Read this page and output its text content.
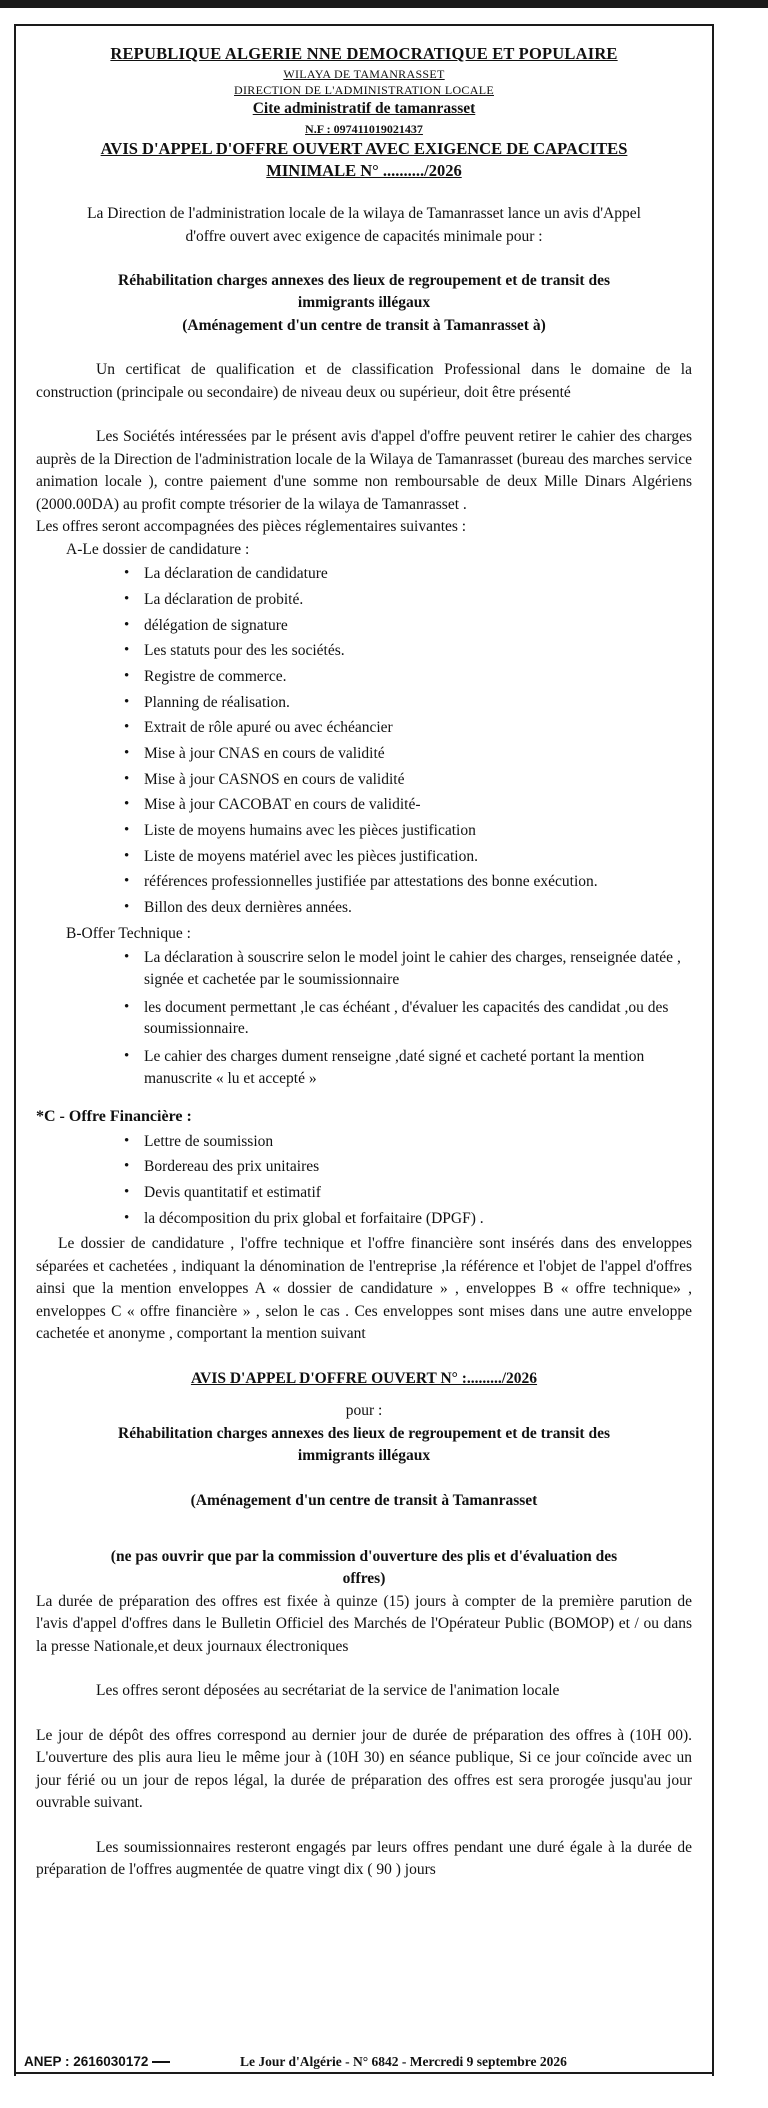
REPUBLIQUE ALGERIE NNE DEMOCRATIQUE ET POPULAIRE
WILAYA DE TAMANRASSET
DIRECTION DE L'ADMINISTRATION LOCALE
Cite administratif de tamanrasset
N.F : 097411019021437
AVIS D'APPEL D'OFFRE OUVERT AVEC EXIGENCE DE CAPACITES
MINIMALE N° ........../2026

La Direction de l'administration locale de la wilaya de Tamanrasset lance un avis d'Appel d'offre ouvert avec exigence de capacités minimale pour :

Réhabilitation charges annexes des lieux de regroupement et de transit des
immigrants illégaux
(Aménagement d'un centre de transit à Tamanrasset à)

Un certificat de qualification et de classification Professional dans le domaine de la construction (principale ou secondaire) de niveau deux ou supérieur, doit être présenté

Les Sociétés intéressées par le présent avis d'appel d'offre peuvent retirer le cahier des charges auprès de la Direction de l'administration locale de la Wilaya de Tamanrasset (bureau des marches service animation locale ), contre paiement d'une somme non remboursable de deux Mille Dinars Algériens (2000.00DA) au profit compte trésorier de la wilaya de Tamanrasset .

Les offres seront accompagnées des pièces réglementaires suivantes :

A-Le dossier de candidature :

• La déclaration de candidature
• La déclaration de probité.
• délégation de signature
• Les statuts pour des les sociétés.
• Registre de commerce.
• Planning de réalisation.
• Extrait de rôle apuré ou avec échéancier
• Mise à jour CNAS en cours de validité
• Mise à jour CASNOS en cours de validité
• Mise à jour CACOBAT en cours de validité-
• Liste de moyens humains avec les pièces justification
• Liste de moyens matériel avec les pièces justification.
• références professionnelles justifiée par attestations des bonne exécution.
• Billon des deux dernières années.

B-Offer Technique :

• La déclaration à souscrire selon le model joint le cahier des charges, renseignée datée , signée et cachetée par le soumissionnaire
• les document permettant ,le cas échéant , d'évaluer les capacités des candidat ,ou des soumissionnaire.
• Le cahier des charges dument renseigne ,daté signé et cacheté portant la mention manuscrite « lu et accepté »

*C - Offre Financière :

• Lettre de soumission
• Bordereau des prix unitaires
• Devis quantitatif et estimatif
• la décomposition du prix global et forfaitaire (DPGF) .

Le dossier de candidature , l'offre technique et l'offre financière sont insérés dans des enveloppes séparées et cachetées , indiquant la dénomination de l'entreprise ,la référence et l'objet de l'appel d'offres ainsi que la mention enveloppes A « dossier de candidature » , enveloppes B « offre technique» , enveloppes C « offre financière » , selon le cas . Ces enveloppes sont mises dans une autre enveloppe cachetée et anonyme , comportant la mention suivant

AVIS D'APPEL D'OFFRE OUVERT N° :........./2026
pour :
Réhabilitation charges annexes des lieux de regroupement et de transit des
immigrants illégaux
(Aménagement d'un centre de transit à Tamanrasset
(ne pas ouvrir que par la commission d'ouverture des plis et d'évaluation des
offres)

La durée de préparation des offres est fixée à quinze (15) jours à compter de la première parution de l'avis d'appel d'offres dans le Bulletin Officiel des Marchés de l'Opérateur Public (BOMOP) et / ou dans la presse Nationale,et deux journaux électroniques

Les offres seront déposées au secrétariat de la service de l'animation locale

Le jour de dépôt des offres correspond au dernier jour de durée de préparation des offres à (10H 00). L'ouverture des plis aura lieu le même jour à (10H 30) en séance publique, Si ce jour coïncide avec un jour férié ou un jour de repos légal, la durée de préparation des offres est sera prorogée jusqu'au jour ouvrable suivant.

Les soumissionnaires resteront engagés par leurs offres pendant une duré égale à la durée de préparation de l'offres augmentée de quatre vingt dix ( 90 ) jours

ANEP : 2616030172	Le Jour d'Algérie - N° 6842 - Mercredi 9 septembre 2026
